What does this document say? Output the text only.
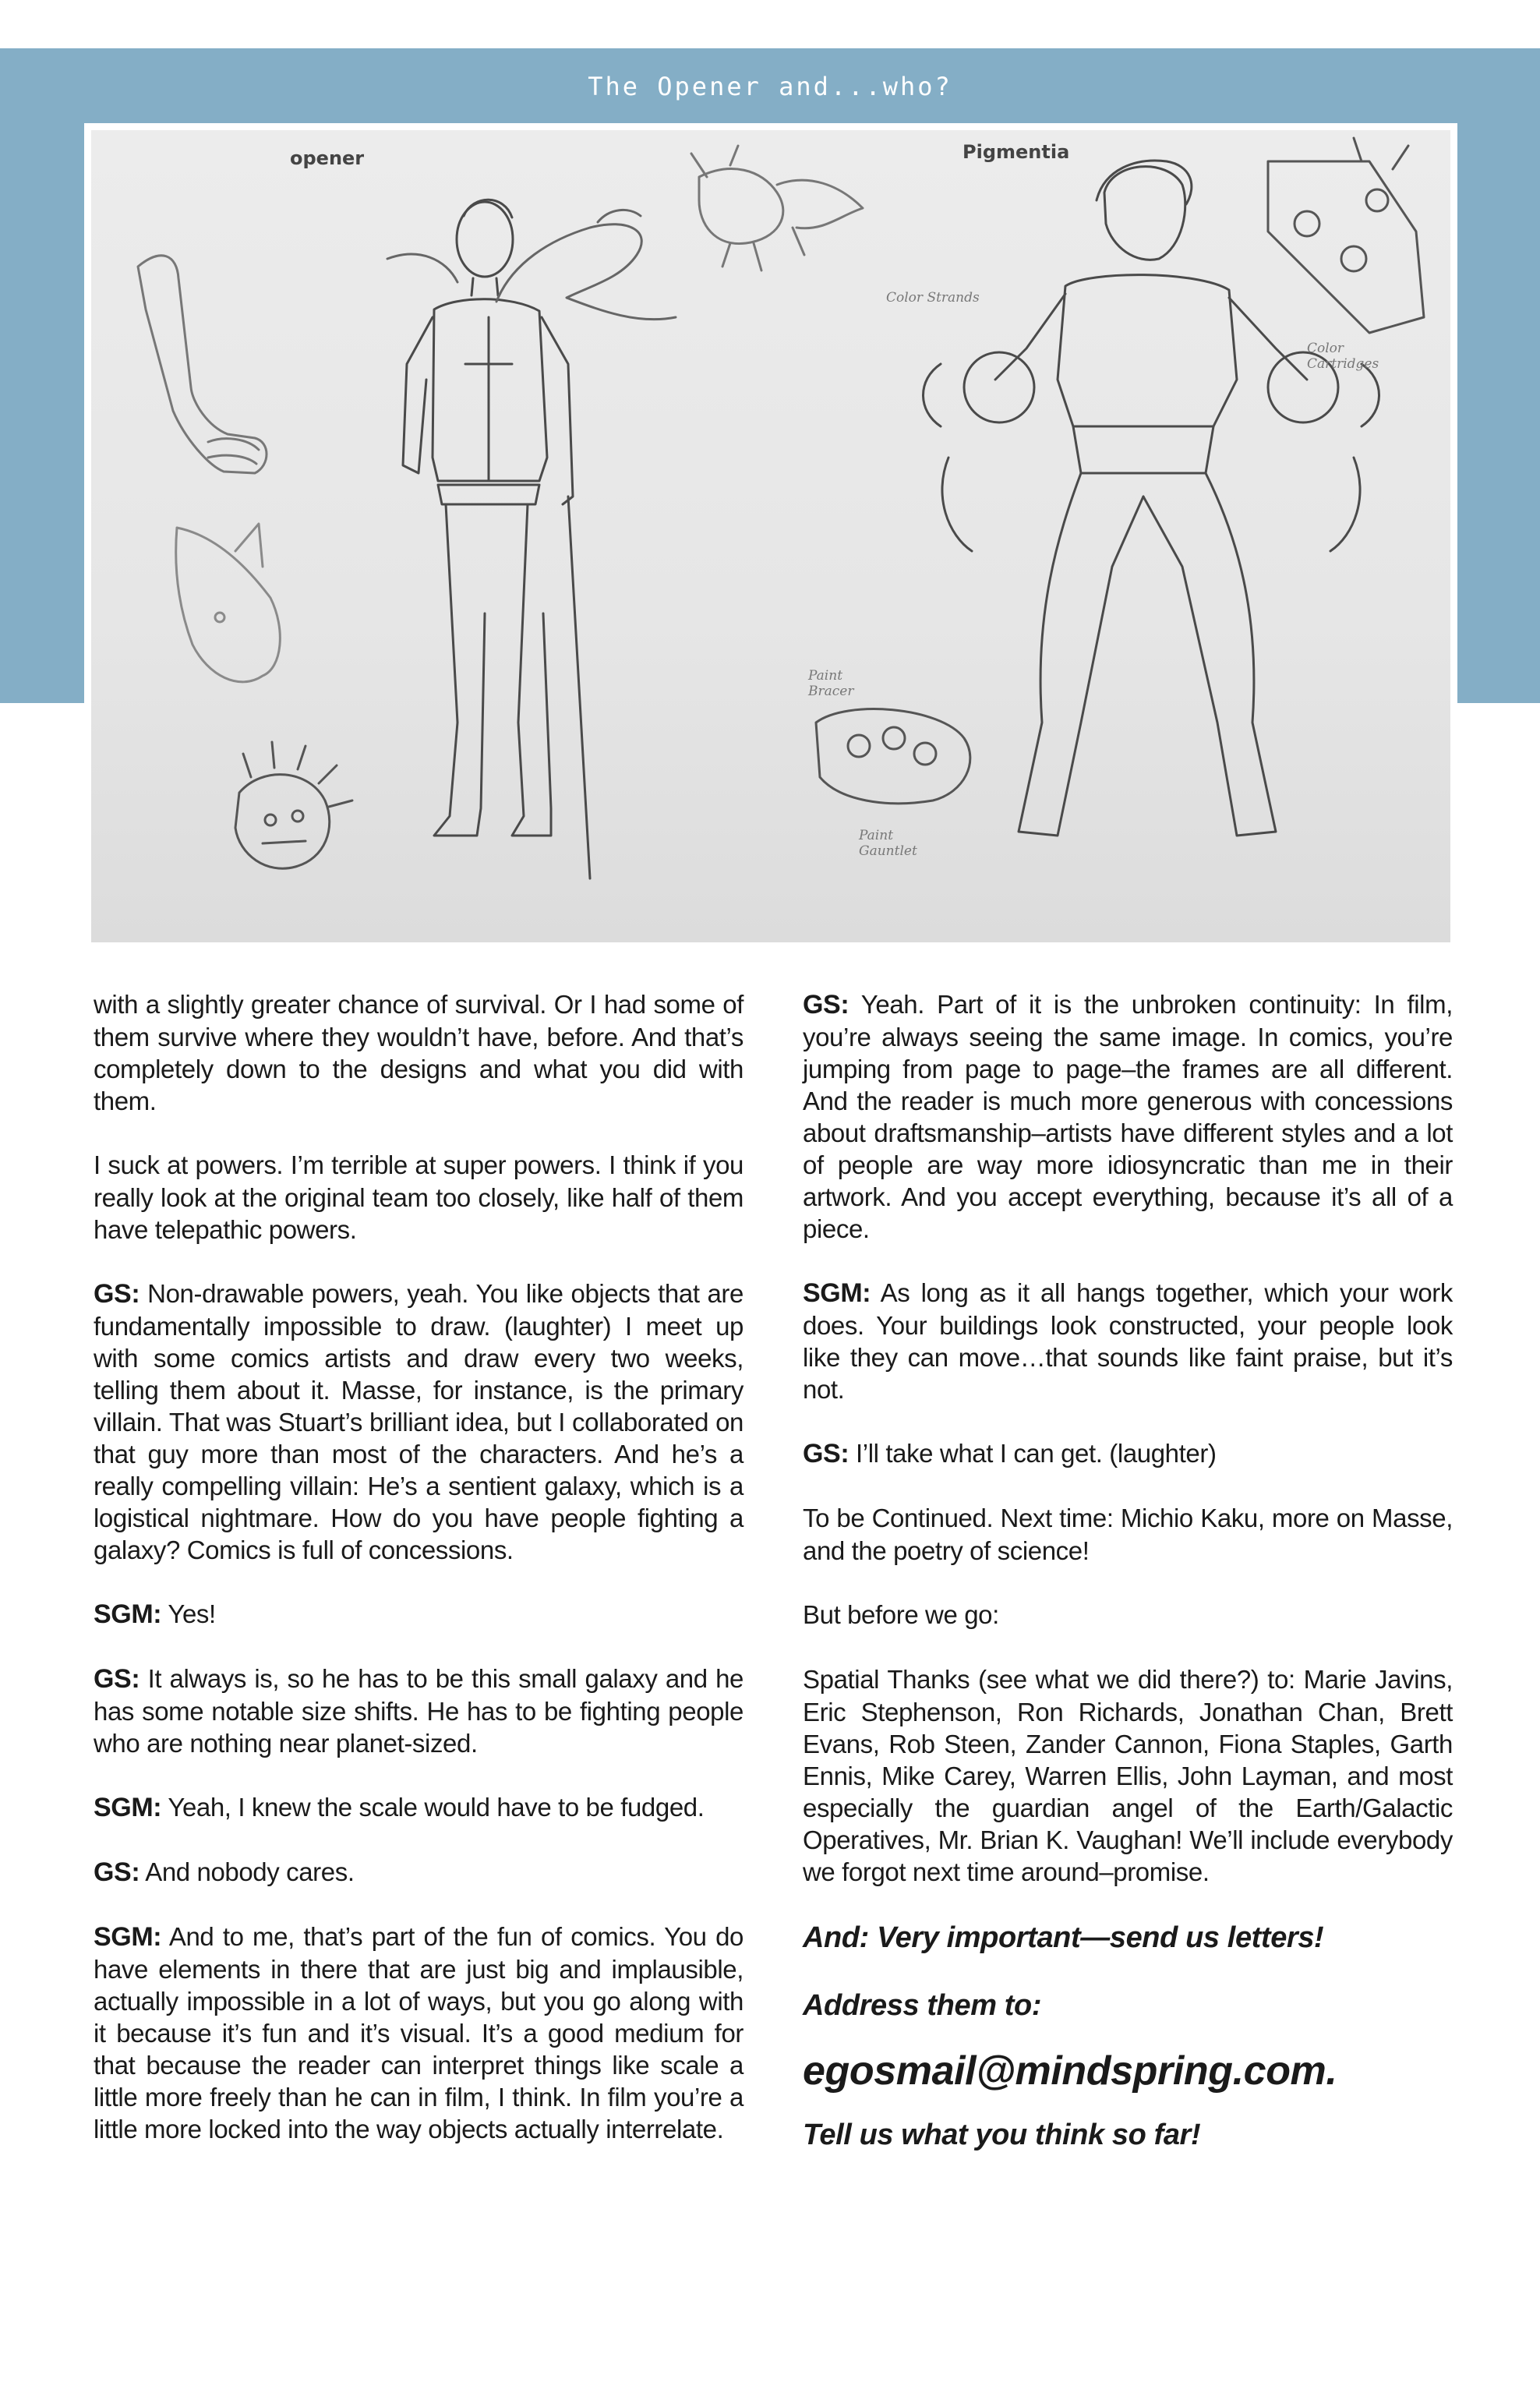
The Opener and...who?
opener	Pigmentia
Color Strands
Color Cartridges
Paint Bracer
Paint Gauntlet

with a slightly greater chance of survival. Or I had some of them survive where they wouldn’t have, before. And that’s completely down to the designs and what you did with them.

I suck at powers. I’m terrible at super powers. I think if you really look at the original team too closely, like half of them have telepathic powers.

GS: Non-drawable powers, yeah. You like objects that are fundamentally impossible to draw. (laughter) I meet up with some comics artists and draw every two weeks, telling them about it. Masse, for instance, is the primary villain. That was Stuart’s brilliant idea, but I collaborated on that guy more than most of the characters. And he’s a really compelling villain: He’s a sentient galaxy, which is a logistical nightmare. How do you have people fighting a galaxy? Comics is full of concessions.

SGM: Yes!

GS: It always is, so he has to be this small galaxy and he has some notable size shifts. He has to be fighting people who are nothing near planet-sized.

SGM: Yeah, I knew the scale would have to be fudged.

GS: And nobody cares.

SGM: And to me, that’s part of the fun of comics. You do have elements in there that are just big and implausible, actually impossible in a lot of ways, but you go along with it because it’s fun and it’s visual. It’s a good medium for that because the reader can interpret things like scale a little more freely than he can in film, I think. In film you’re a little more locked into the way objects actually interrelate.

GS: Yeah. Part of it is the unbroken continuity: In film, you’re always seeing the same image. In comics, you’re jumping from page to page–the frames are all different. And the reader is much more generous with concessions about draftsmanship–artists have different styles and a lot of people are way more idiosyncratic than me in their artwork. And you accept everything, because it’s all of a piece.

SGM: As long as it all hangs together, which your work does. Your buildings look constructed, your people look like they can move…that sounds like faint praise, but it’s not.

GS: I’ll take what I can get. (laughter)

To be Continued. Next time: Michio Kaku, more on Masse, and the poetry of science!

But before we go:

Spatial Thanks (see what we did there?) to: Marie Javins, Eric Stephenson, Ron Richards, Jonathan Chan, Brett Evans, Rob Steen, Zander Cannon, Fiona Staples, Garth Ennis, Mike Carey, Warren Ellis, John Layman, and most especially the guardian angel of the Earth/Galactic Operatives, Mr. Brian K. Vaughan! We’ll include everybody we forgot next time around–promise.

And: Very important—send us letters!

Address them to:

egosmail@mindspring.com.

Tell us what you think so far!
